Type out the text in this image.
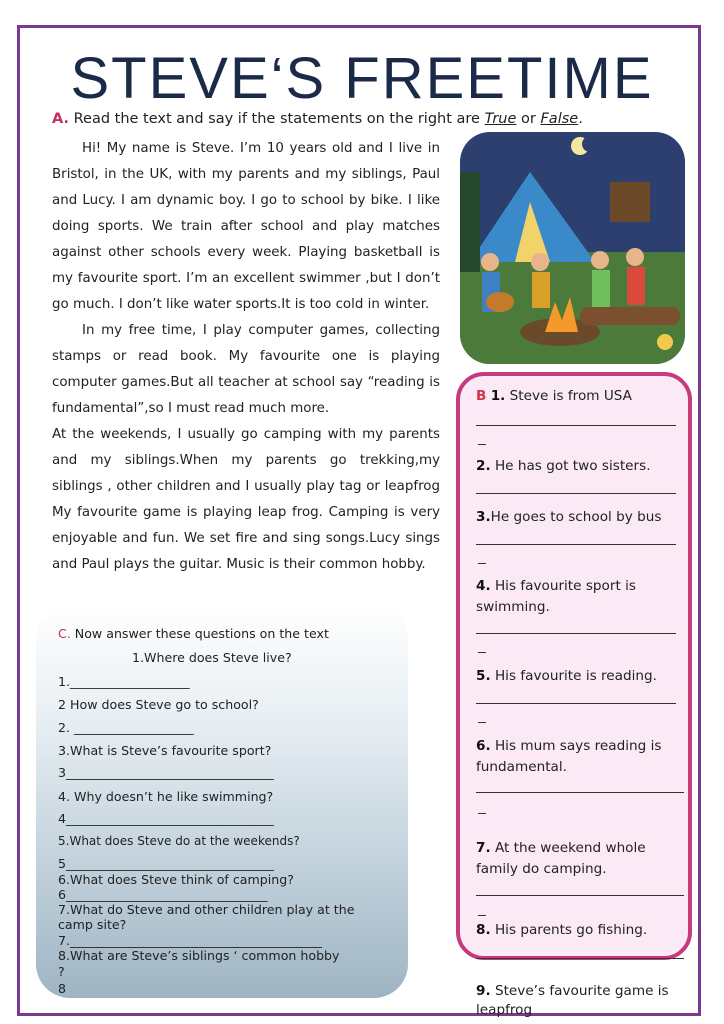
STEVE‘S FREETIME
A. Read the text and say if the statements on the right are True or False.

Hi! My name is Steve. I’m 10 years old and I live in Bristol, in the UK, with my parents and my siblings, Paul and Lucy. I am dynamic boy. I go to school by bike. I like doing sports. We train after school and play matches against other schools every week. Playing basketball is my favourite sport. I’m an excellent swimmer ,but I don’t go much. I don’t like water sports.It is too cold in winter.

In my free time, I play computer games, collecting stamps or read book. My favourite one is playing computer games.But all teacher at school say “reading is fundamental”,so I must read much more.

At the weekends, I usually go camping with my parents and my siblings.When my parents go trekking,my siblings , other children and I usually play tag or leapfrog My favourite game is playing leap frog. Camping is very enjoyable and fun. We set fire and sing songs.Lucy sings and Paul plays the guitar. Music is their common hobby.

C. Now answer these questions on the text
1.Where does Steve live?
1.___________________
2 How does Steve go to school?
2. ___________________
3.What is Steve’s favourite sport?
3_________________________________
4. Why doesn’t he like swimming?
4_________________________________
5.What does Steve do at the weekends?
5_________________________________
6.What does Steve think of camping?
6________________________________
7.What do Steve and other children play at the
camp site?
7.________________________________________
8.What are Steve’s siblings ‘ common hobby
?
8
B 1. Steve is from USA
2. He has got two sisters.
3.He goes to school by bus
4. His favourite sport is swimming.
5. His favourite is reading.
6. His mum says reading is fundamental.
7. At the weekend whole family do camping.
8. His parents go fishing.
9. Steve’s favourite game is leapfrog
